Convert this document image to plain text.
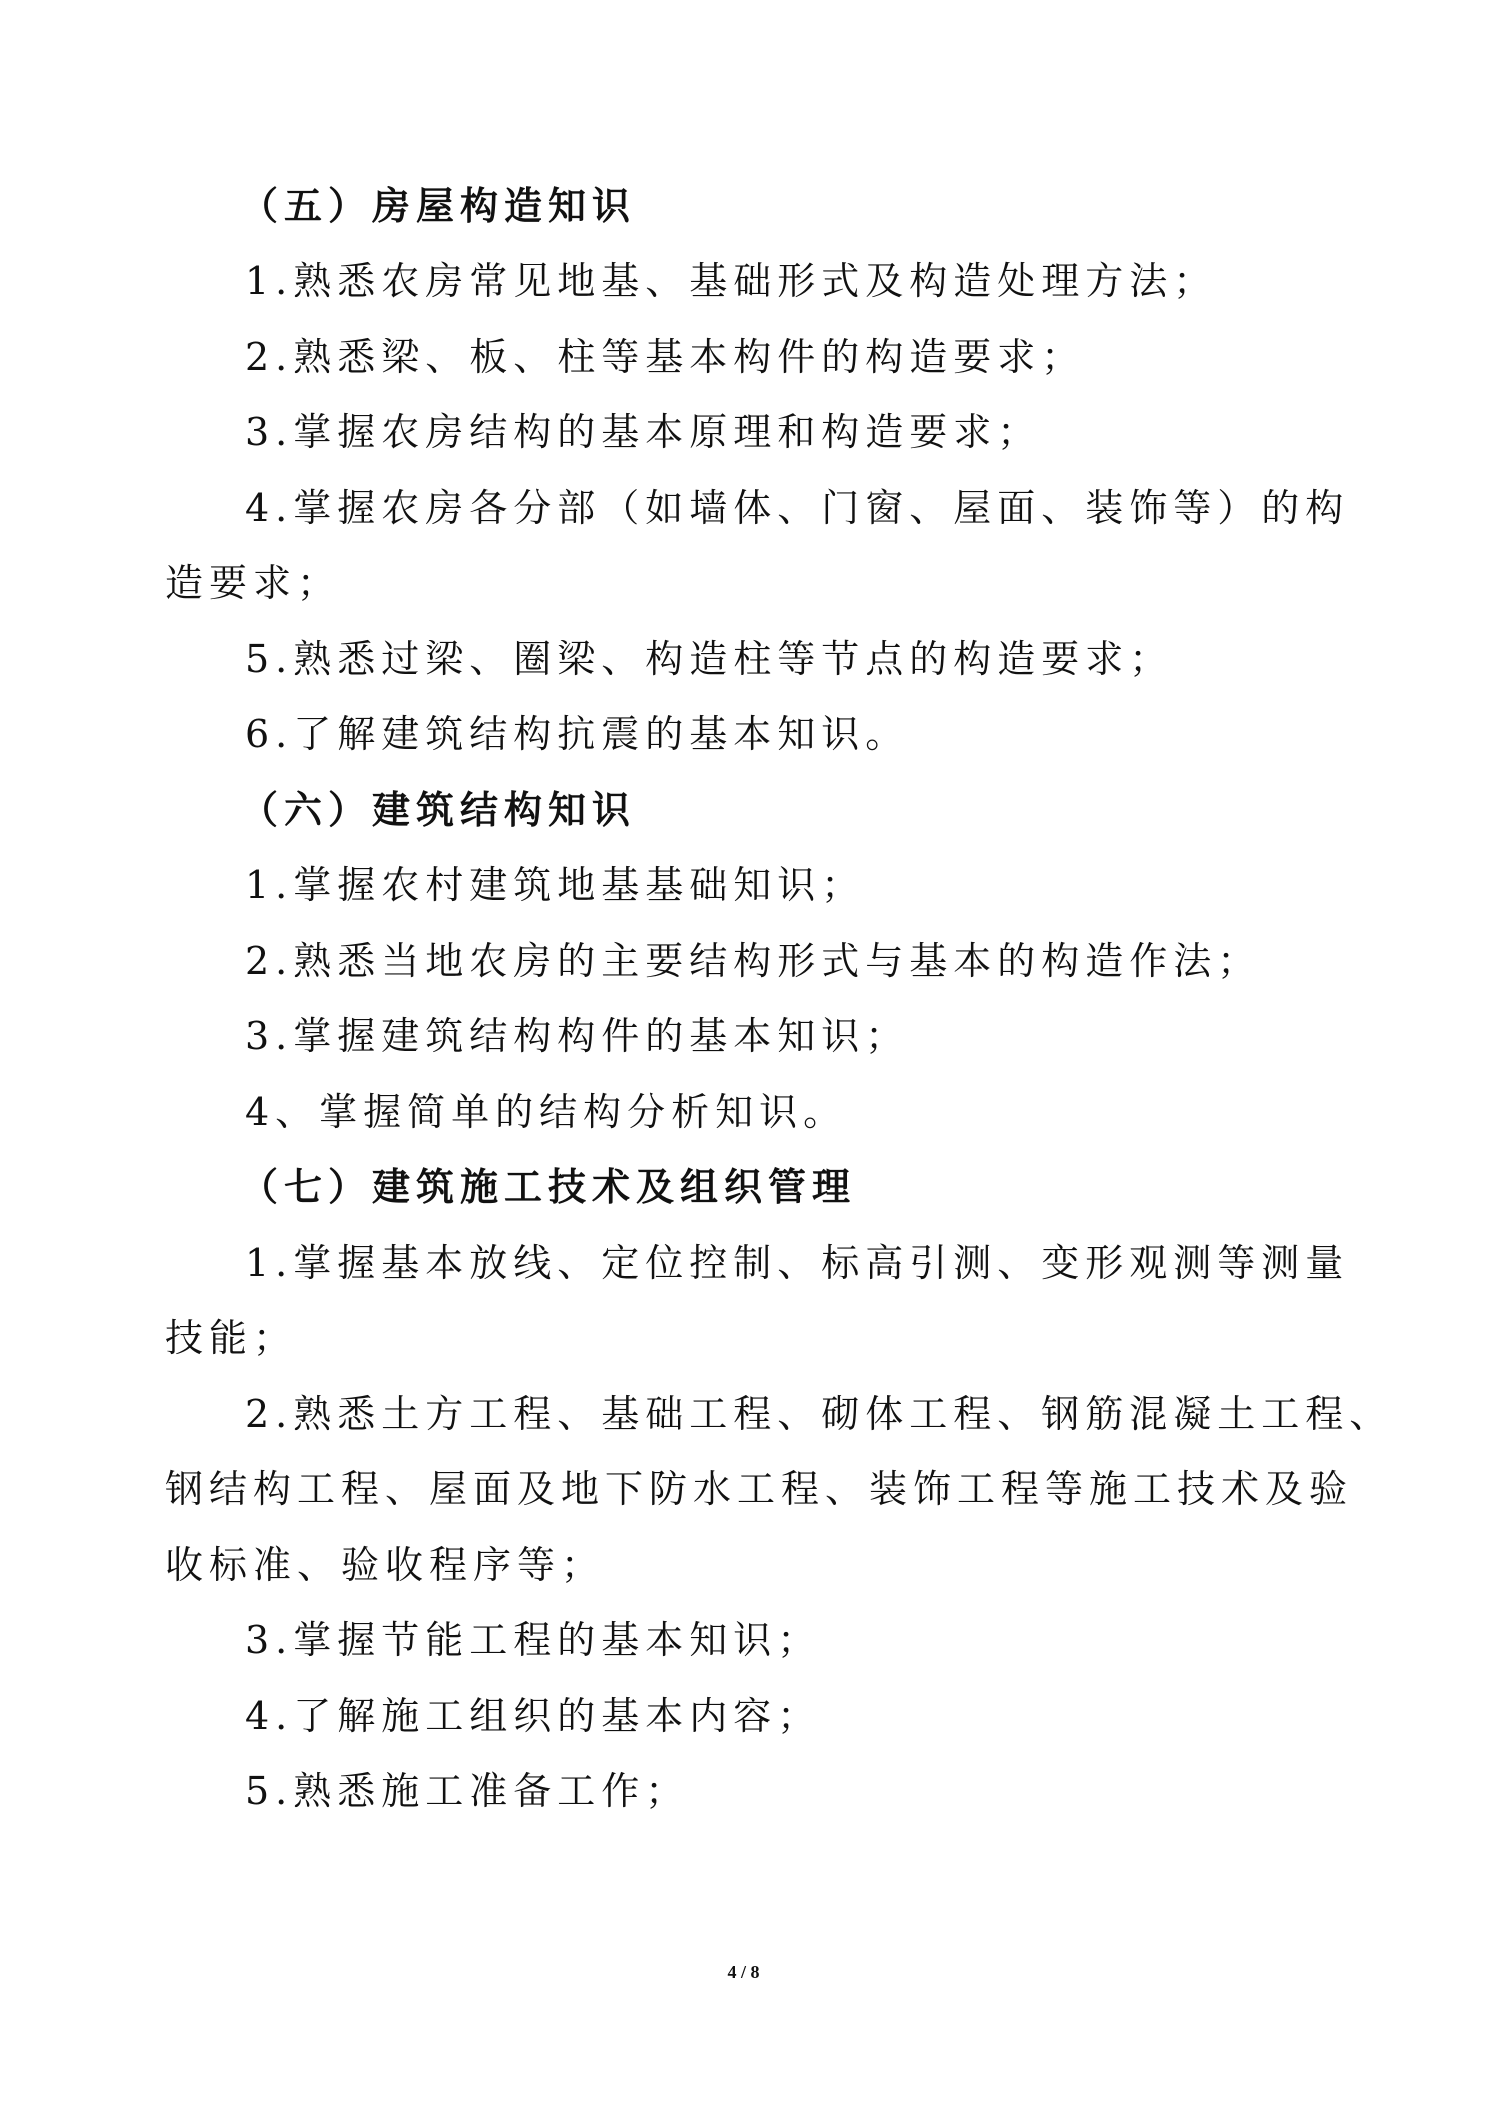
（五）房屋构造知识
1.熟悉农房常见地基、基础形式及构造处理方法；
2.熟悉梁、板、柱等基本构件的构造要求；
3.掌握农房结构的基本原理和构造要求；
4.掌握农房各分部（如墙体、门窗、屋面、装饰等）的构
造要求；
5.熟悉过梁、圈梁、构造柱等节点的构造要求；
6.了解建筑结构抗震的基本知识。
（六）建筑结构知识
1.掌握农村建筑地基基础知识；
2.熟悉当地农房的主要结构形式与基本的构造作法；
3.掌握建筑结构构件的基本知识；
4、掌握简单的结构分析知识。
（七）建筑施工技术及组织管理
1.掌握基本放线、定位控制、标高引测、变形观测等测量
技能；
2.熟悉土方工程、基础工程、砌体工程、钢筋混凝土工程、
钢结构工程、屋面及地下防水工程、装饰工程等施工技术及验
收标准、验收程序等；
3.掌握节能工程的基本知识；
4.了解施工组织的基本内容；
5.熟悉施工准备工作；
4 / 8
